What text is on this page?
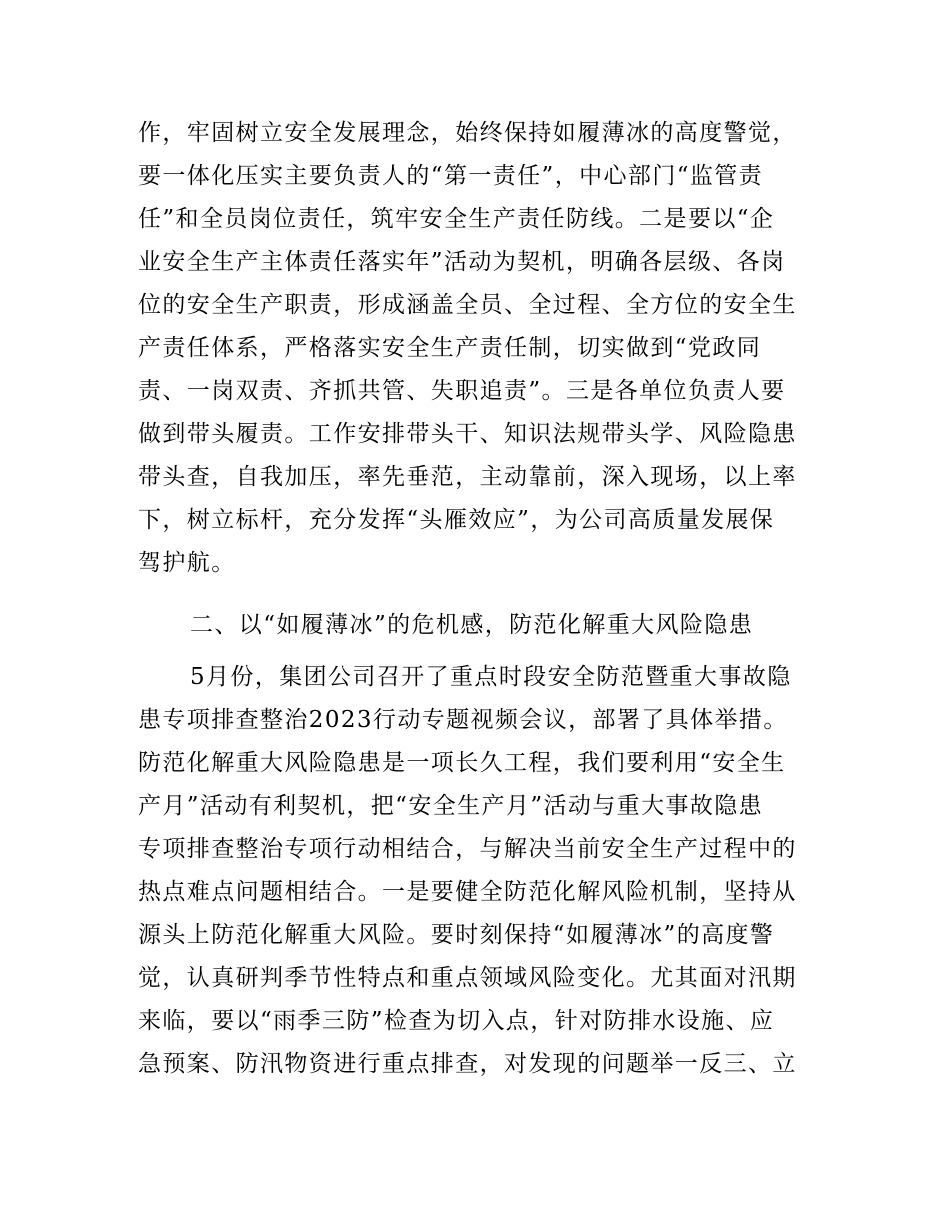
作，牢固树立安全发展理念，始终保持如履薄冰的高度警觉，
要一体化压实主要负责人的“第一责任”，中心部门“监管责
任”和全员岗位责任，筑牢安全生产责任防线。二是要以“企
业安全生产主体责任落实年”活动为契机，明确各层级、各岗
位的安全生产职责，形成涵盖全员、全过程、全方位的安全生
产责任体系，严格落实安全生产责任制，切实做到“党政同
责、一岗双责、齐抓共管、失职追责”。三是各单位负责人要
做到带头履责。工作安排带头干、知识法规带头学、风险隐患
带头查，自我加压，率先垂范，主动靠前，深入现场，以上率
下，树立标杆，充分发挥“头雁效应”，为公司高质量发展保
驾护航。
二、以“如履薄冰”的危机感，防范化解重大风险隐患
5月份，集团公司召开了重点时段安全防范暨重大事故隐
患专项排查整治2023行动专题视频会议，部署了具体举措。
防范化解重大风险隐患是一项长久工程，我们要利用“安全生
产月”活动有利契机，把“安全生产月”活动与重大事故隐患
专项排查整治专项行动相结合，与解决当前安全生产过程中的
热点难点问题相结合。一是要健全防范化解风险机制，坚持从
源头上防范化解重大风险。要时刻保持“如履薄冰”的高度警
觉，认真研判季节性特点和重点领域风险变化。尤其面对汛期
来临，要以“雨季三防”检查为切入点，针对防排水设施、应
急预案、防汛物资进行重点排查，对发现的问题举一反三、立
